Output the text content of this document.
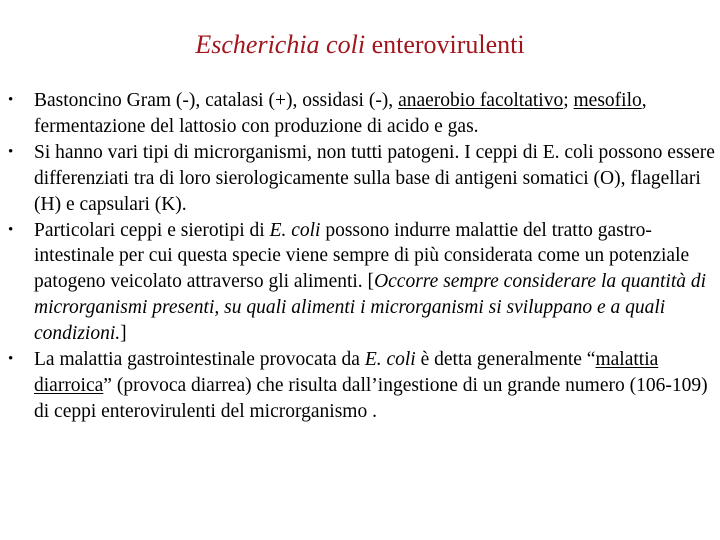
Escherichia coli enterovirulenti
•	Bastoncino Gram (-), catalasi (+), ossidasi (-), anaerobio facoltativo; mesofilo, fermentazione del lattosio con produzione di acido e gas.
•	Si hanno vari tipi di microrganismi, non tutti patogeni. I ceppi di E. coli possono essere differenziati tra di loro sierologicamente sulla base di antigeni somatici (O), flagellari (H) e capsulari (K).
•	Particolari ceppi e sierotipi di E. coli possono indurre malattie del tratto gastro-intestinale per cui questa specie viene sempre di più considerata come un potenziale patogeno veicolato attraverso gli alimenti. [Occorre sempre considerare la quantità di microrganismi presenti, su quali alimenti i microrganismi si sviluppano e a quali condizioni.]
•	La malattia gastrointestinale provocata da E. coli è detta generalmente “malattia diarroica” (provoca diarrea) che risulta dall’ingestione di un grande numero (106-109) di ceppi enterovirulenti del microrganismo .
